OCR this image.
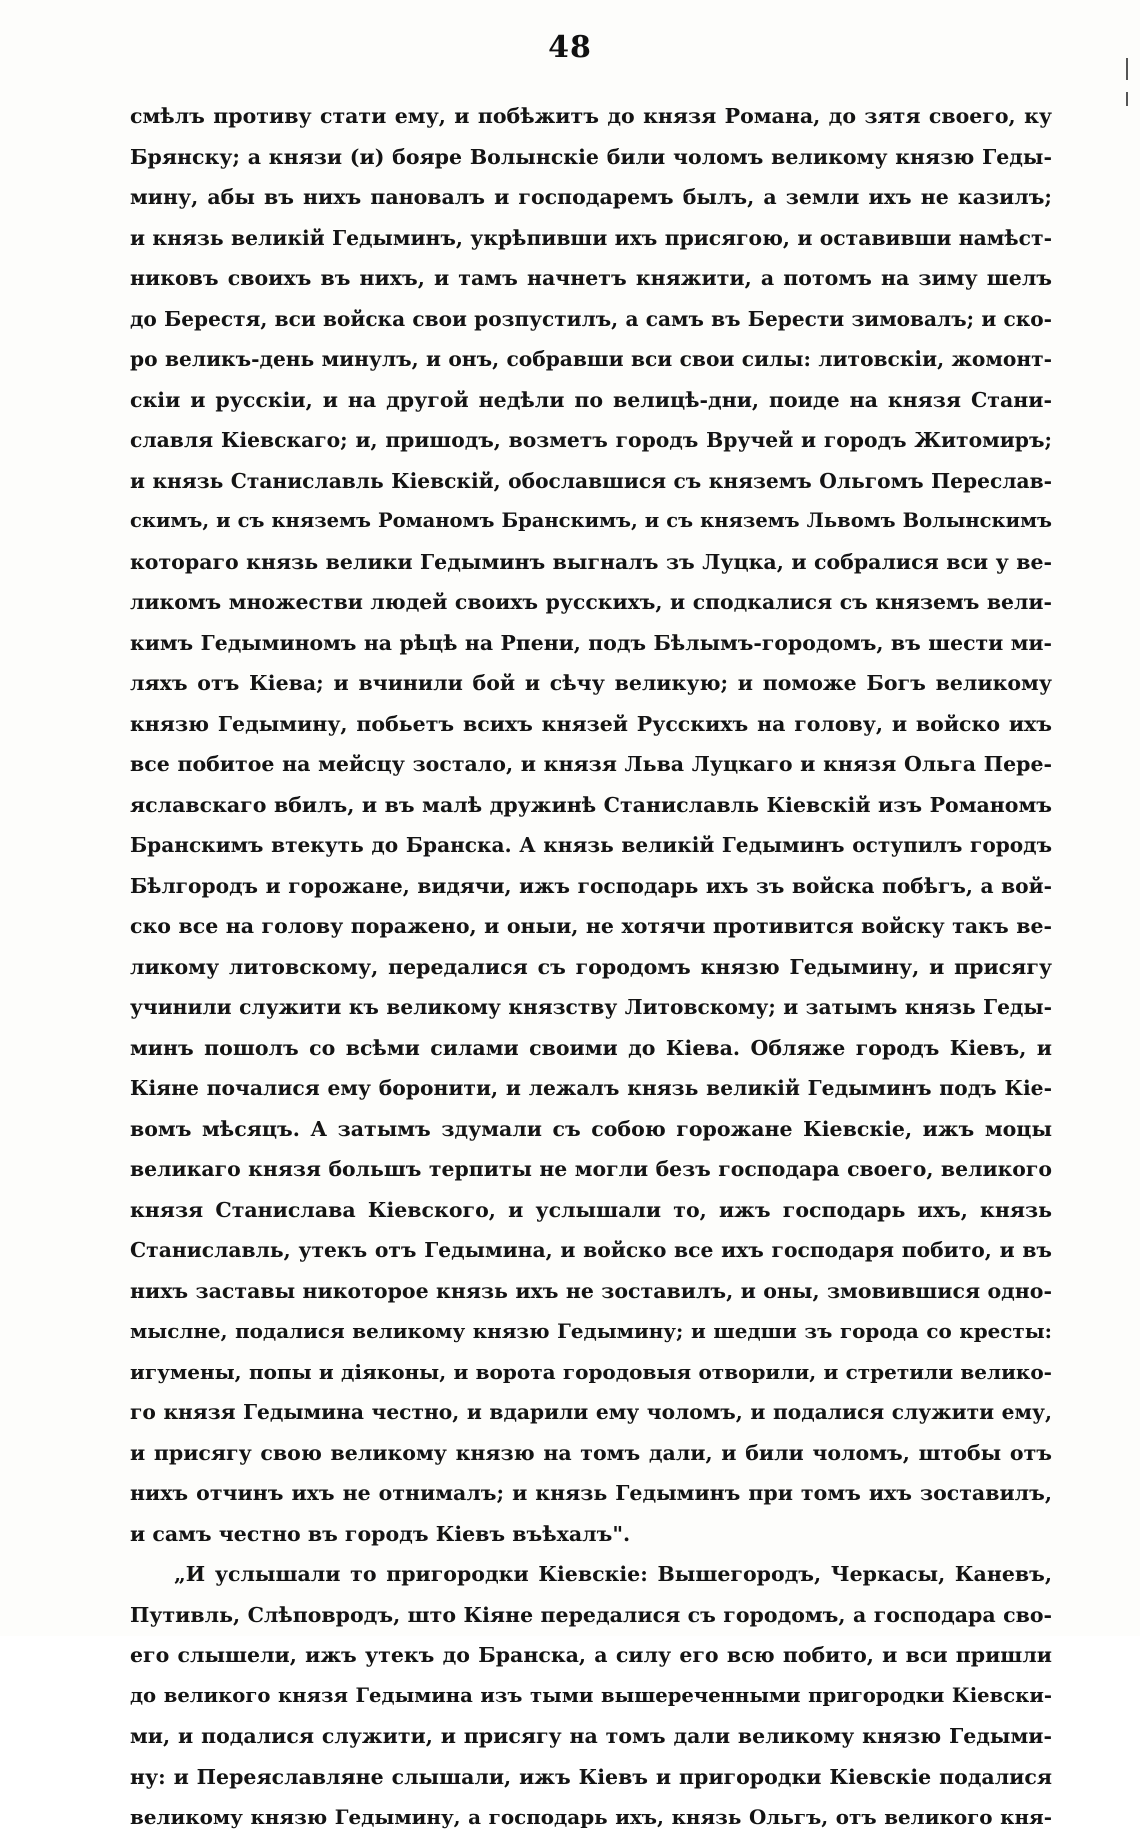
48
смѣлъ противу стати ему, и побѣжитъ до князя Романа, до зятя своего, ку
Брянску; а князи (и) бояре Волынскіе били чоломъ великому князю Геды-
мину, абы въ нихъ пановалъ и господаремъ былъ, а земли ихъ не казилъ;
и князь великій Гедыминъ, укрѣпивши ихъ присягою, и оставивши намѣст-
никовъ своихъ въ нихъ, и тамъ начнетъ княжити, а потомъ на зиму шелъ
до Берестя, вси войска свои розпустилъ, а самъ въ Берести зимовалъ; и ско-
ро великъ-день минулъ, и онъ, собравши вси свои силы: литовскіи, жомонт-
скіи и русскіи, и на другой недѣли по велицѣ-дни, поиде на князя Стани-
славля Кіевскаго; и, пришодъ, возметъ городъ Вручей и городъ Житомиръ;
и князь Станиславль Кіевскій, обославшися съ княземъ Ольгомъ Переслав-
скимъ, и съ княземъ Романомъ Бранскимъ, и съ княземъ Львомъ Волынскимъ
котораго князь велики Гедыминъ выгналъ зъ Луцка, и собралися вси у ве-
ликомъ множестви людей своихъ русскихъ, и сподкалися съ княземъ вели-
кимъ Гедыминомъ на рѣцѣ на Рпени, подъ Бѣлымъ-городомъ, въ шести ми-
ляхъ отъ Кіева; и вчинили бой и сѣчу великую; и поможе Богъ великому
князю Гедымину, побьетъ всихъ князей Русскихъ на голову, и войско ихъ
все побитое на мейсцу зостало, и князя Льва Луцкаго и князя Ольга Пере-
яславскаго вбилъ, и въ малѣ дружинѣ Станиславль Кіевскій изъ Романомъ
Бранскимъ втекуть до Бранска. А князь великій Гедыминъ оступилъ городъ
Бѣлгородъ и горожане, видячи, ижъ господарь ихъ зъ войска побѣгъ, а вой-
ско все на голову поражено, и оныи, не хотячи противится войску такъ ве-
ликому литовскому, передалися съ городомъ князю Гедымину, и присягу
учинили служити къ великому князству Литовскому; и затымъ князь Геды-
минъ пошолъ со всѣми силами своими до Кіева. Обляже городъ Кіевъ, и
Кіяне почалися ему боронити, и лежалъ князь великій Гедыминъ подъ Кіе-
вомъ мѣсяцъ. А затымъ здумали съ собою горожане Кіевскіе, ижъ моцы
великаго князя большъ терпиты не могли безъ господара своего, великого
князя Станислава Кіевского, и услышали то, ижъ господарь ихъ, князь
Станиславль, утекъ отъ Гедымина, и войско все ихъ господаря побито, и въ
нихъ заставы никоторое князь ихъ не зоставилъ, и оны, змовившися одно-
мыслне, подалися великому князю Гедымину; и шедши зъ города со кресты:
игумены, попы и діяконы, и ворота городовыя отворили, и стретили велико-
го князя Гедымина честно, и вдарили ему чоломъ, и подалися служити ему,
и присягу свою великому князю на томъ дали, и били чоломъ, штобы отъ
нихъ отчинъ ихъ не отнималъ; и князь Гедыминъ при томъ ихъ зоставилъ,
и самъ честно въ городъ Кіевъ въѣхалъ".
„И услышали то пригородки Кіевскіе: Вышегородъ, Черкасы, Каневъ,
Путивль, Слѣповродъ, што Кіяне передалися съ городомъ, а господара сво-
его слышели, ижъ утекъ до Бранска, а силу его всю побито, и вси пришли
до великого князя Гедымина изъ тыми вышереченными пригородки Кіевски-
ми, и подалися служити, и присягу на томъ дали великому князю Гедыми-
ну: и Переяславляне слышали, ижъ Кіевъ и пригородки Кіевскіе подалися
великому князю Гедымину, а господарь ихъ, князь Ольгъ, отъ великого кня-
